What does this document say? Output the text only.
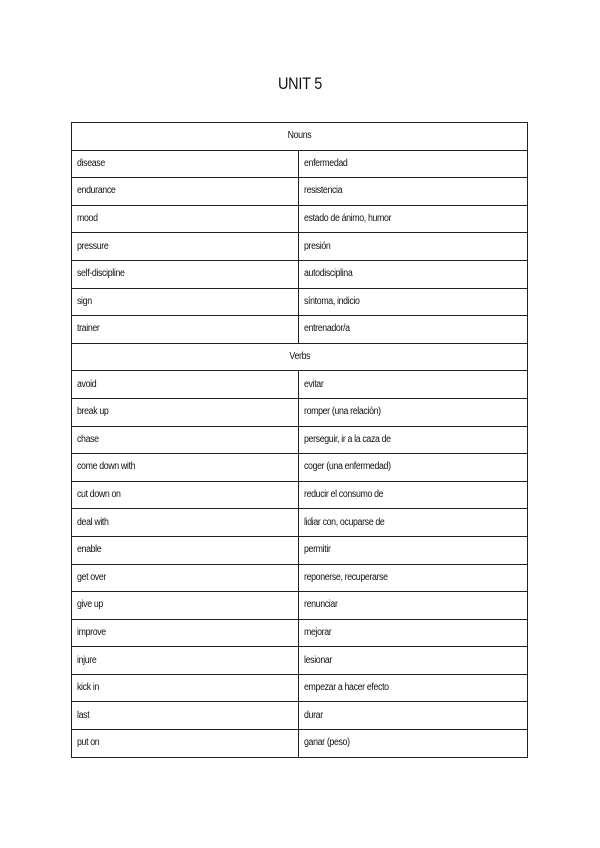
UNIT 5
Nouns	
disease	enfermedad
endurance	resistencia
mood	estado de ánimo, humor
pressure	presión
self-discipline	autodisciplina
sign	síntoma, indicio
trainer	entrenador/a
Verbs	
avoid	evitar
break up	romper (una relación)
chase	perseguir, ir a la caza de
come down with	coger (una enfermedad)
cut down on	reducir el consumo de
deal with	lidiar con, ocuparse de
enable	permitir
get over	reponerse, recuperarse
give up	renunciar
improve	mejorar
injure	lesionar
kick in	empezar a hacer efecto
last	durar
put on	ganar (peso)
